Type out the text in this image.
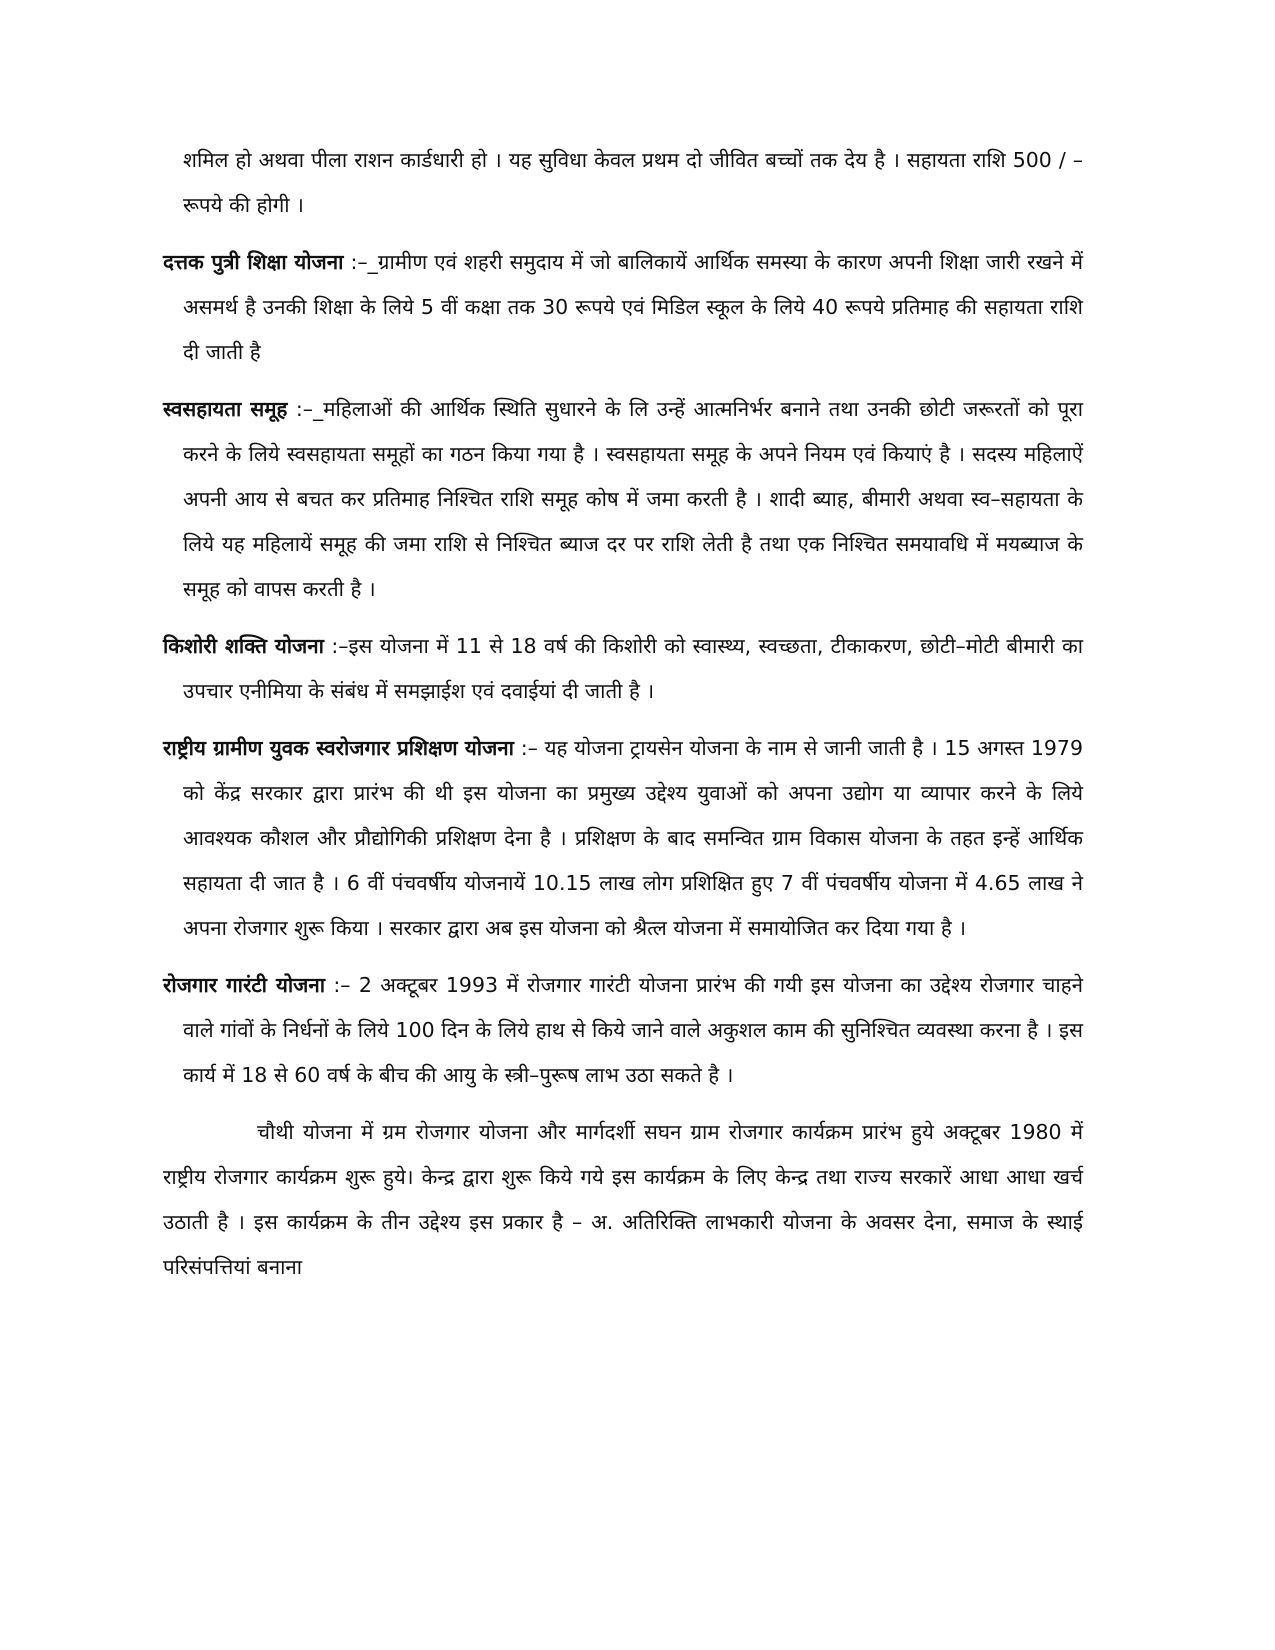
शमिल हो अथवा पीला राशन कार्डधारी हो । यह सुविधा केवल प्रथम दो जीवित बच्चों तक देय है । सहायता राशि 500 / – रूपये की होगी ।

दत्तक पुत्री शिक्षा योजना :–_ग्रामीण एवं शहरी समुदाय में जो बालिकायें आर्थिक समस्या के कारण अपनी शिक्षा जारी रखने में असमर्थ है उनकी शिक्षा के लिये 5 वीं कक्षा तक 30 रूपये एवं मिडिल स्कूल के लिये 40 रूपये प्रतिमाह की सहायता राशि दी जाती है

स्वसहायता समूह :–_महिलाओं की आर्थिक स्थिति सुधारने के लि उन्हें आत्मनिर्भर बनाने तथा उनकी छोटी जरूरतों को पूरा करने के लिये स्वसहायता समूहों का गठन किया गया है । स्वसहायता समूह के अपने नियम एवं कियाएं है । सदस्य महिलाऐं अपनी आय से बचत कर प्रतिमाह निश्चित राशि समूह कोष में जमा करती है । शादी ब्याह, बीमारी अथवा स्व–सहायता के लिये यह महिलायें समूह की जमा राशि से निश्चित ब्याज दर पर राशि लेती है तथा एक निश्चित समयावधि में मयब्याज के समूह को वापस करती है ।

किशोरी शक्ति योजना :–इस योजना में 11 से 18 वर्ष की किशोरी को स्वास्थ्य, स्वच्छता, टीकाकरण, छोटी–मोटी बीमारी का उपचार एनीमिया के संबंध में समझाईश एवं दवाईयां दी जाती है ।

राष्ट्रीय ग्रामीण युवक स्वरोजगार प्रशिक्षण योजना :– यह योजना ट्रायसेन योजना के नाम से जानी जाती है । 15 अगस्त 1979 को केंद्र सरकार द्वारा प्रारंभ की थी इस योजना का प्रमुख्य उद्देश्य युवाओं को अपना उद्योग या व्यापार करने के लिये आवश्यक कौशल और प्रौद्योगिकी प्रशिक्षण देना है । प्रशिक्षण के बाद समन्वित ग्राम विकास योजना के तहत इन्हें आर्थिक सहायता दी जात है । 6 वीं पंचवर्षीय योजनायें 10.15 लाख लोग प्रशिक्षित हुए 7 वीं पंचवर्षीय योजना में 4.65 लाख ने अपना रोजगार शुरू किया । सरकार द्वारा अब इस योजना को श्रैत्ल योजना में समायोजित कर दिया गया है ।

रोजगार गारंटी योजना :– 2 अक्टूबर 1993 में रोजगार गारंटी योजना प्रारंभ की गयी इस योजना का उद्देश्य रोजगार चाहने वाले गांवों के निर्धनों के लिये 100 दिन के लिये हाथ से किये जाने वाले अकुशल काम की सुनिश्चित व्यवस्था करना है । इस कार्य में 18 से 60 वर्ष के बीच की आयु के स्त्री–पुरूष लाभ उठा सकते है ।

चौथी योजना में ग्रम रोजगार योजना और मार्गदर्शी सघन ग्राम रोजगार कार्यक्रम प्रारंभ हुये अक्टूबर 1980 में राष्ट्रीय रोजगार कार्यक्रम शुरू हुये। केन्द्र द्वारा शुरू किये गये इस कार्यक्रम के लिए केन्द्र तथा राज्य सरकारें आधा आधा खर्च उठाती है । इस कार्यक्रम के तीन उद्देश्य इस प्रकार है – अ. अतिरिक्ति लाभकारी योजना के अवसर देना, समाज के स्थाई परिसंपत्तियां बनाना
